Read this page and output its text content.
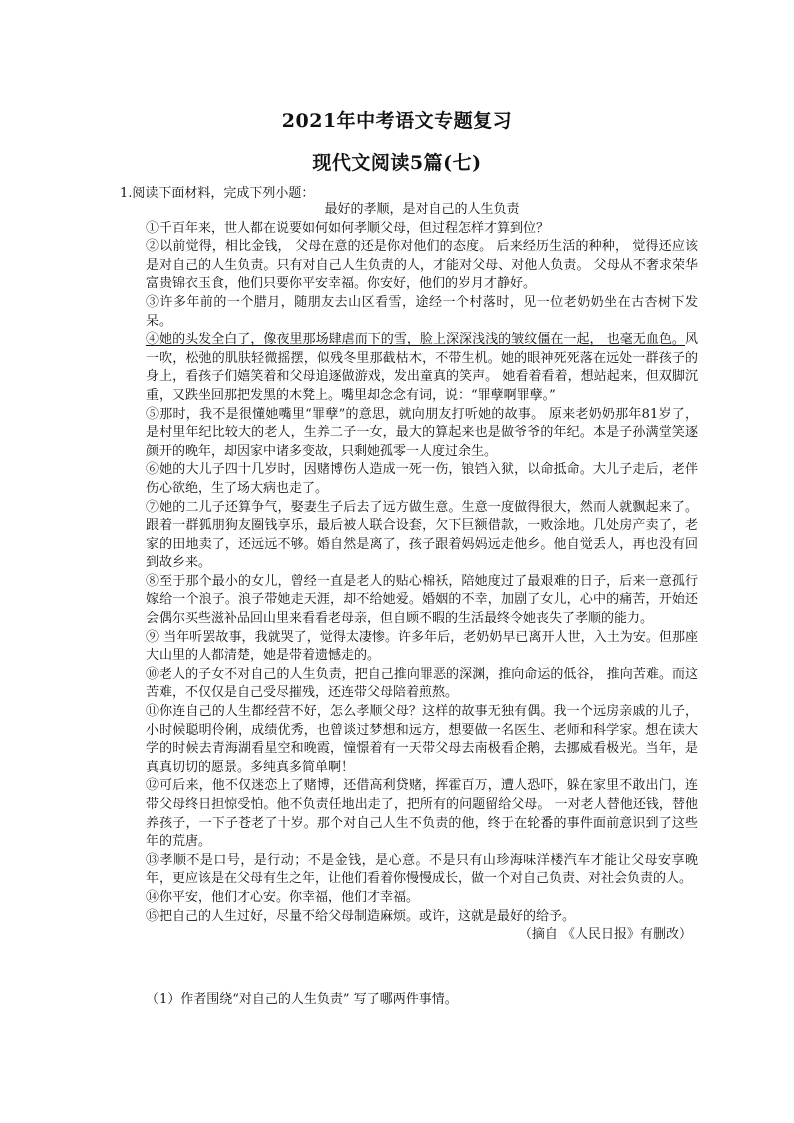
2021年中考语文专题复习
现代文阅读5篇(七)
1.阅读下面材料，完成下列小题：

最好的孝顺，是对自己的人生负责

①千百年来，世人都在说要如何如何孝顺父母，但过程怎样才算到位？

②以前觉得，相比金钱， 父母在意的还是你对他们的态度。 后来经历生活的种种， 觉得还应该是对自己的人生负责。只有对自己人生负责的人，才能对父母、对他人负责。 父母从不奢求荣华富贵锦衣玉食，他们只要你平安幸福。你安好，他们的岁月才静好。

③许多年前的一个腊月，随朋友去山区看雪，途经一个村落时，见一位老奶奶坐在古杏树下发呆。

④她的头发全白了，像夜里那场肆虐而下的雪，脸上深深浅浅的皱纹僵在一起， 也毫无血色。风一吹，松弛的肌肤轻微摇摆，似残冬里那截枯木，不带生机。她的眼神死死落在远处一群孩子的身上，看孩子们嬉笑着和父母追逐做游戏，发出童真的笑声。 她看着看着，想站起来，但双脚沉重，又跌坐回那把发黑的木凳上。嘴里却念念有词，说：“罪孽啊罪孽。”

⑤那时，我不是很懂她嘴里“罪孽”的意思，就向朋友打听她的故事。 原来老奶奶那年81岁了，是村里年纪比较大的老人，生养二子一女，最大的算起来也是做爷爷的年纪。本是子孙满堂笑逐颜开的晚年，却因家中诸多变故，只剩她孤零一人度过余生。

⑥她的大儿子四十几岁时，因赌博伤人造成一死一伤，锒铛入狱，以命抵命。大儿子走后，老伴伤心欲绝，生了场大病也走了。

⑦她的二儿子还算争气，娶妻生子后去了远方做生意。生意一度做得很大，然而人就飘起来了。 跟着一群狐朋狗友圈钱享乐，最后被人联合设套，欠下巨额借款，一败涂地。几处房产卖了，老家的田地卖了，还远远不够。婚自然是离了，孩子跟着妈妈远走他乡。他自觉丢人，再也没有回到故乡来。

⑧至于那个最小的女儿，曾经一直是老人的贴心棉袄，陪她度过了最艰难的日子，后来一意孤行嫁给一个浪子。浪子带她走天涯，却不给她爱。婚姻的不幸，加剧了女儿，心中的痛苦，开始还会偶尔买些滋补品回山里来看看老母亲，但自顾不暇的生活最终令她丧失了孝顺的能力。

⑨ 当年听罢故事，我就哭了，觉得太凄惨。许多年后，老奶奶早已离开人世，入土为安。但那座大山里的人都清楚，她是带着遗憾走的。

⑩老人的子女不对自己的人生负责，把自己推向罪恶的深渊，推向命运的低谷， 推向苦难。而这苦难，不仅仅是自己受尽摧残，还连带父母陪着煎熬。

⑪你连自己的人生都经营不好，怎么孝顺父母？这样的故事无独有偶。我一个远房亲戚的儿子，小时候聪明伶俐，成绩优秀，也曾谈过梦想和远方，想要做一名医生、老师和科学家。想在读大学的时候去青海湖看星空和晚霞，憧憬着有一天带父母去南极看企鹅，去挪威看极光。当年，是真真切切的愿景。多纯真多简单啊！

⑫可后来，他不仅迷恋上了赌博，还借高利贷赌，挥霍百万，遭人恐吓，躲在家里不敢出门，连带父母终日担惊受怕。他不负责任地出走了，把所有的问题留给父母。 一对老人替他还钱，替他养孩子，一下子苍老了十岁。那个对自己人生不负责的他，终于在轮番的事件面前意识到了这些年的荒唐。

⑬孝顺不是口号，是行动；不是金钱，是心意。不是只有山珍海味洋楼汽车才能让父母安享晚年，更应该是在父母有生之年，让他们看着你慢慢成长，做一个对自己负责、对社会负责的人。

⑭你平安，他们才心安。你幸福，他们才幸福。

⑮把自己的人生过好，尽量不给父母制造麻烦。或许，这就是最好的给予。

（摘自 《人民日报》有删改）

（1）作者围绕“对自己的人生负责” 写了哪两件事情。
